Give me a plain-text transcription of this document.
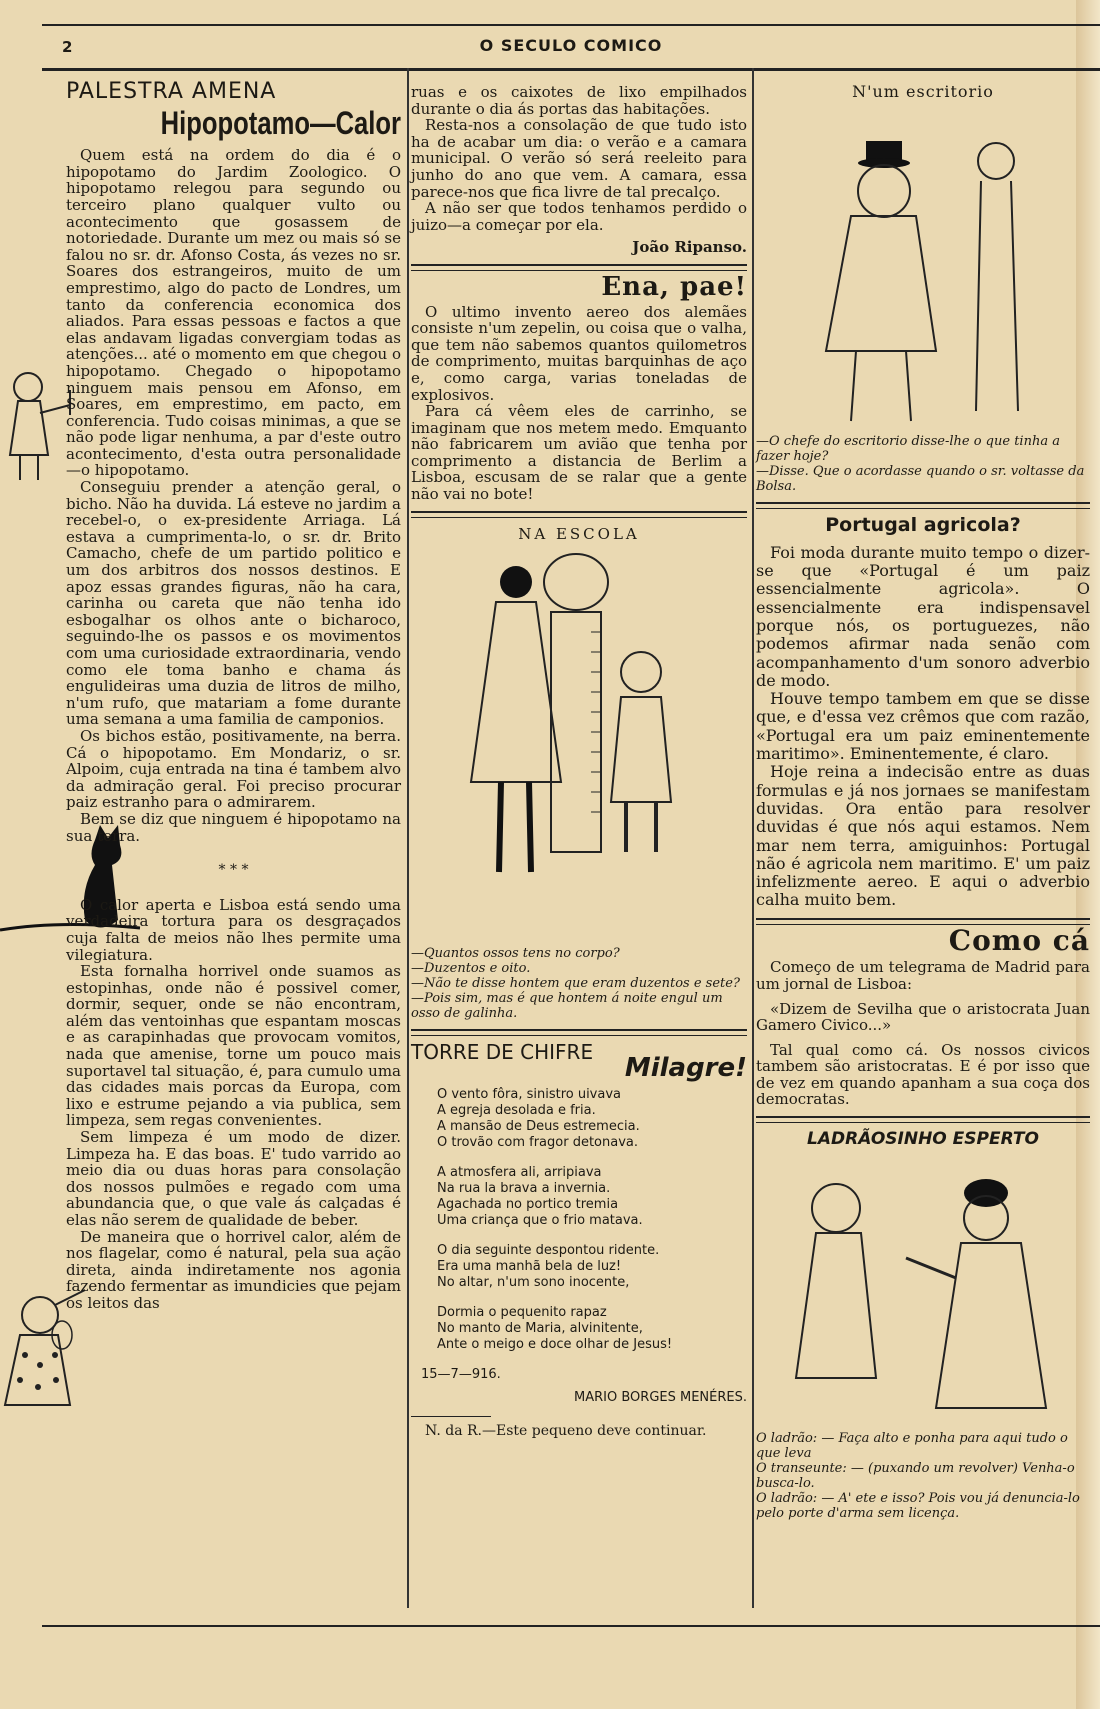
2	O SECULO COMICO
PALESTRA AMENA
Hipopotamo—Calor

Quem está na ordem do dia é o hipopotamo do Jardim Zoologico. O hipopotamo relegou para segundo ou terceiro plano qualquer vulto ou acontecimento que gosassem de notoriedade. Durante um mez ou mais só se falou no sr. dr. Afonso Costa, ás vezes no sr. Soares dos estrangeiros, muito de um emprestimo, algo do pacto de Londres, um tanto da conferencia economica dos aliados. Para essas pessoas e factos a que elas andavam ligadas convergiam todas as atenções... até o momento em que chegou o hipopotamo. Chegado o hipopotamo ninguem mais pensou em Afonso, em Soares, em emprestimo, em pacto, em conferencia. Tudo coisas minimas, a que se não pode ligar nenhuma, a par d'este outro acontecimento, d'esta outra personalidade—o hipopotamo.

Conseguiu prender a atenção geral, o bicho. Não ha duvida. Lá esteve no jardim a recebel-o, o ex-presidente Arriaga. Lá estava a cumprimenta-lo, o sr. dr. Brito Camacho, chefe de um partido politico e um dos arbitros dos nossos destinos. E apoz essas grandes figuras, não ha cara, carinha ou careta que não tenha ido esbogalhar os olhos ante o bicharoco, seguindo-lhe os passos e os movimentos com uma curiosidade extraordinaria, vendo como ele toma banho e chama ás engulideiras uma duzia de litros de milho, n'um rufo, que matariam a fome durante uma semana a uma familia de camponios.

Os bichos estão, positivamente, na berra. Cá o hipopotamo. Em Mondariz, o sr. Alpoim, cuja entrada na tina é tambem alvo da admiração geral. Foi preciso procurar paiz estranho para o admirarem.

Bem se diz que ninguem é hipopotamo na sua terra.

* * *

O calor aperta e Lisboa está sendo uma verdadeira tortura para os desgraçados cuja falta de meios não lhes permite uma vilegiatura.

Esta fornalha horrivel onde suamos as estopinhas, onde não é possivel comer, dormir, sequer, onde se não encontram, além das ventoinhas que espantam moscas e as carapinhadas que provocam vomitos, nada que amenise, torne um pouco mais suportavel tal situação, é, para cumulo uma das cidades mais porcas da Europa, com lixo e estrume pejando a via publica, sem limpeza, sem regas convenientes.

Sem limpeza é um modo de dizer. Limpeza ha. E das boas. E' tudo varrido ao meio dia ou duas horas para consolação dos nossos pulmões e regado com uma abundancia que, o que vale ás calçadas é elas não serem de qualidade de beber.

De maneira que o horrivel calor, além de nos flagelar, como é natural, pela sua ação direta, ainda indiretamente nos agonia fazendo fermentar as imundicies que pejam os leitos das

ruas e os caixotes de lixo empilhados durante o dia ás portas das habitações.

Resta-nos a consolação de que tudo isto ha de acabar um dia: o verão e a camara municipal. O verão só será reeleito para junho do ano que vem. A camara, essa parece-nos que fica livre de tal precalço.

A não ser que todos tenhamos perdido o juizo—a começar por ela.

João Ripanso.
Ena, pae!

O ultimo invento aereo dos alemães consiste n'um zepelin, ou coisa que o valha, que tem não sabemos quantos quilometros de comprimento, muitas barquinhas de aço e, como carga, varias toneladas de explosivos.

Para cá vêem eles de carrinho, se imaginam que nos metem medo. Emquanto não fabricarem um avião que tenha por comprimento a distancia de Berlim a Lisboa, escusam de se ralar que a gente não vai no bote!

NA ESCOLA
—Quantos ossos tens no corpo?
—Duzentos e oito.
—Não te disse hontem que eram duzentos e sete?
—Pois sim, mas é que hontem á noite engul um osso de galinha.
TORRE DE CHIFRE
Milagre!
O vento fôra, sinistro uivava
A egreja desolada e fria.
A mansão de Deus estremecia.
O trovão com fragor detonava.
A atmosfera ali, arripiava
Na rua la brava a invernia.
Agachada no portico tremia
Uma criança que o frio matava.
O dia seguinte despontou ridente.
Era uma manhã bela de luz!
No altar, n'um sono inocente,
Dormia o pequenito rapaz
No manto de Maria, alvinitente,
Ante o meigo e doce olhar de Jesus!
15—7—916.
MARIO BORGES MENÉRES.

N. da R.—Este pequeno deve continuar.

N'um escritorio
—O chefe do escritorio disse-lhe o que tinha a fazer hoje?
—Disse. Que o acordasse quando o sr. voltasse da Bolsa.
Portugal agricola?

Foi moda durante muito tempo o dizer-se que «Portugal é um paiz essencialmente agricola». O essencialmente era indispensavel porque nós, os portuguezes, não podemos afirmar nada senão com acompanhamento d'um sonoro adverbio de modo.

Houve tempo tambem em que se disse que, e d'essa vez crêmos que com razão, «Portugal era um paiz eminentemente maritimo». Eminentemente, é claro.

Hoje reina a indecisão entre as duas formulas e já nos jornaes se manifestam duvidas. Ora então para resolver duvidas é que nós aqui estamos. Nem mar nem terra, amiguinhos: Portugal não é agricola nem maritimo. E' um paiz infelizmente aereo. E aqui o adverbio calha muito bem.

Como cá

Começo de um telegrama de Madrid para um jornal de Lisboa:

«Dizem de Sevilha que o aristocrata Juan Gamero Civico...»

Tal qual como cá. Os nossos civicos tambem são aristocratas. E é por isso que de vez em quando apanham a sua coça dos democratas.

LADRÃOSINHO ESPERTO
O ladrão: — Faça alto e ponha para aqui tudo o que leva
O transeunte: — (puxando um revolver) Venha-o busca-lo.
O ladrão: — A' ete e isso? Pois vou já denuncia-lo pelo porte d'arma sem licença.
